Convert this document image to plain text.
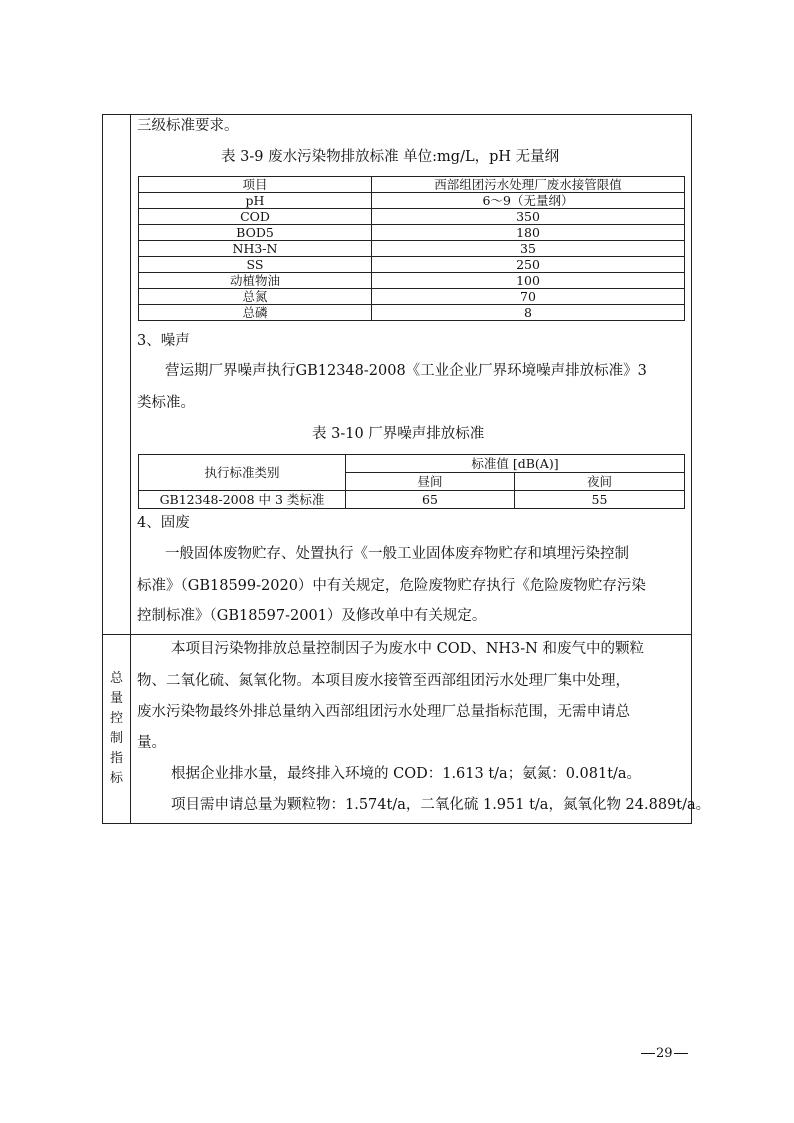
三级标准要求。
表 3-9 废水污染物排放标准 单位:mg/L，pH 无量纲
项目	西部组团污水处理厂废水接管限值
pH	6～9（无量纲）
COD	350
BOD5	180
NH3-N	35
SS	250
动植物油	100
总氮	70
总磷	8
3、噪声
营运期厂界噪声执行GB12348-2008《工业企业厂界环境噪声排放标准》3
类标准。
表 3-10 厂界噪声排放标准
执行标准类别	标准值 [dB(A)]	
	昼间	夜间
GB12348-2008 中 3 类标准	65	55
4、固废
一般固体废物贮存、处置执行《一般工业固体废弃物贮存和填埋污染控制
标准》（GB18599-2020）中有关规定，危险废物贮存执行《危险废物贮存污染
控制标准》（GB18597-2001）及修改单中有关规定。
总
量
控
制
指
标
本项目污染物排放总量控制因子为废水中 COD、NH3-N 和废气中的颗粒
物、二氧化硫、氮氧化物。本项目废水接管至西部组团污水处理厂集中处理，
废水污染物最终外排总量纳入西部组团污水处理厂总量指标范围，无需申请总
量。
根据企业排水量，最终排入环境的 COD：1.613 t/a；氨氮：0.081t/a。
项目需申请总量为颗粒物：1.574t/a，二氧化硫 1.951 t/a，氮氧化物 24.889t/a。
29
